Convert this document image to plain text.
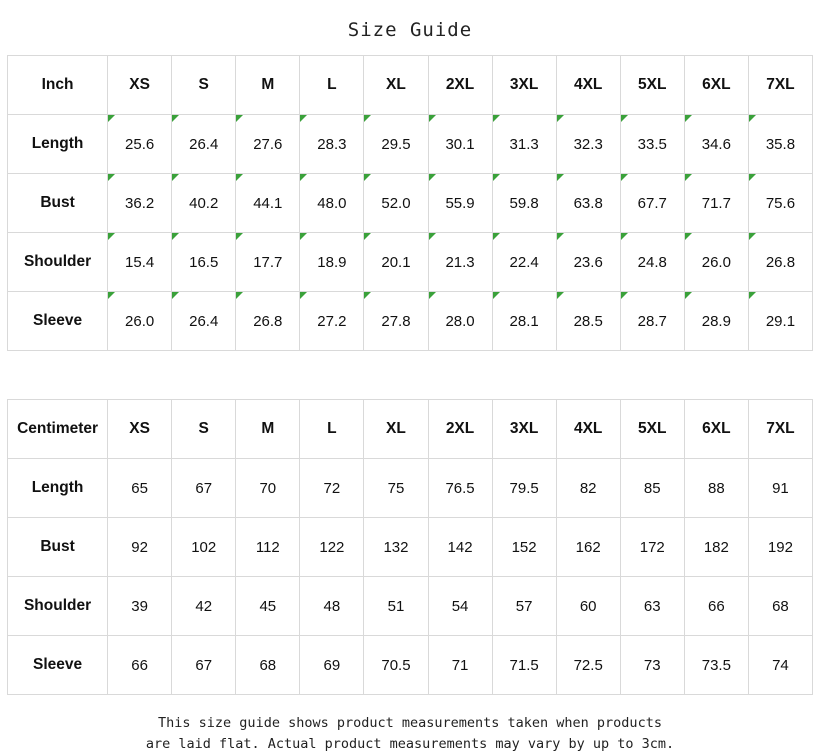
Size Guide
Inch	XS	S	M	L	XL	2XL	3XL	4XL	5XL	6XL	7XL
Length	25.6	26.4	27.6	28.3	29.5	30.1	31.3	32.3	33.5	34.6	35.8
Bust	36.2	40.2	44.1	48.0	52.0	55.9	59.8	63.8	67.7	71.7	75.6
Shoulder	15.4	16.5	17.7	18.9	20.1	21.3	22.4	23.6	24.8	26.0	26.8
Sleeve	26.0	26.4	26.8	27.2	27.8	28.0	28.1	28.5	28.7	28.9	29.1
Centimeter	XS	S	M	L	XL	2XL	3XL	4XL	5XL	6XL	7XL
Length	65	67	70	72	75	76.5	79.5	82	85	88	91
Bust	92	102	112	122	132	142	152	162	172	182	192
Shoulder	39	42	45	48	51	54	57	60	63	66	68
Sleeve	66	67	68	69	70.5	71	71.5	72.5	73	73.5	74
This size guide shows product measurements taken when products
are laid flat. Actual product measurements may vary by up to 3cm.
